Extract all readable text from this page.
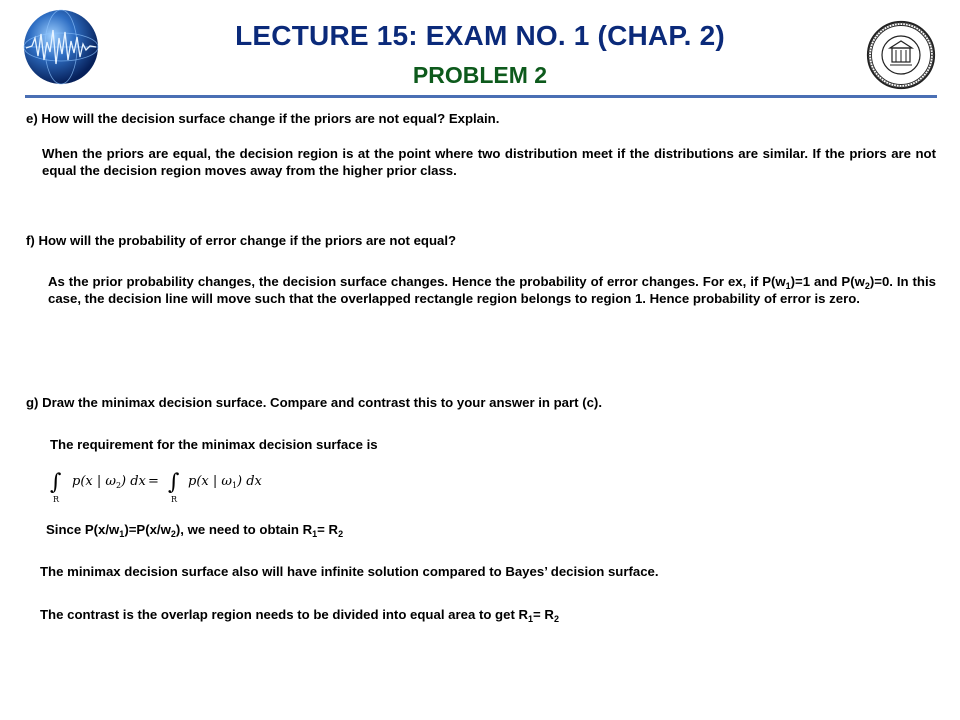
LECTURE 15: EXAM NO. 1 (CHAP. 2)
PROBLEM 2
e) How will the decision surface change if the priors are not equal? Explain.
When the priors are equal, the decision region is at the point where two distribution meet if the distributions are similar. If the priors are not equal the decision region moves away from the higher prior class.
f) How will the probability of error change if the priors are not equal?
As the prior probability changes, the decision surface changes. Hence the probability of error changes. For ex, if $P(w_1)=1$ and $P(w_2)=0$. In this case, the decision line will move such that the overlapped rectangle region belongs to region 1. Hence probability of error is zero.
g) Draw the minimax decision surface. Compare and contrast this to your answer in part (c).
The requirement for the minimax decision surface is
∫
R
p(x | ω 2 ) dx = ∫
R
p(x | ω 1 ) dx
Since $P(x/w_1)=P(x/w_2)$, we need to obtain $R_1= R_2$
The minimax decision surface also will have infinite solution compared to Bayes’ decision surface.
The contrast is the overlap region needs to be divided into equal area to get $R_1= R_2$
